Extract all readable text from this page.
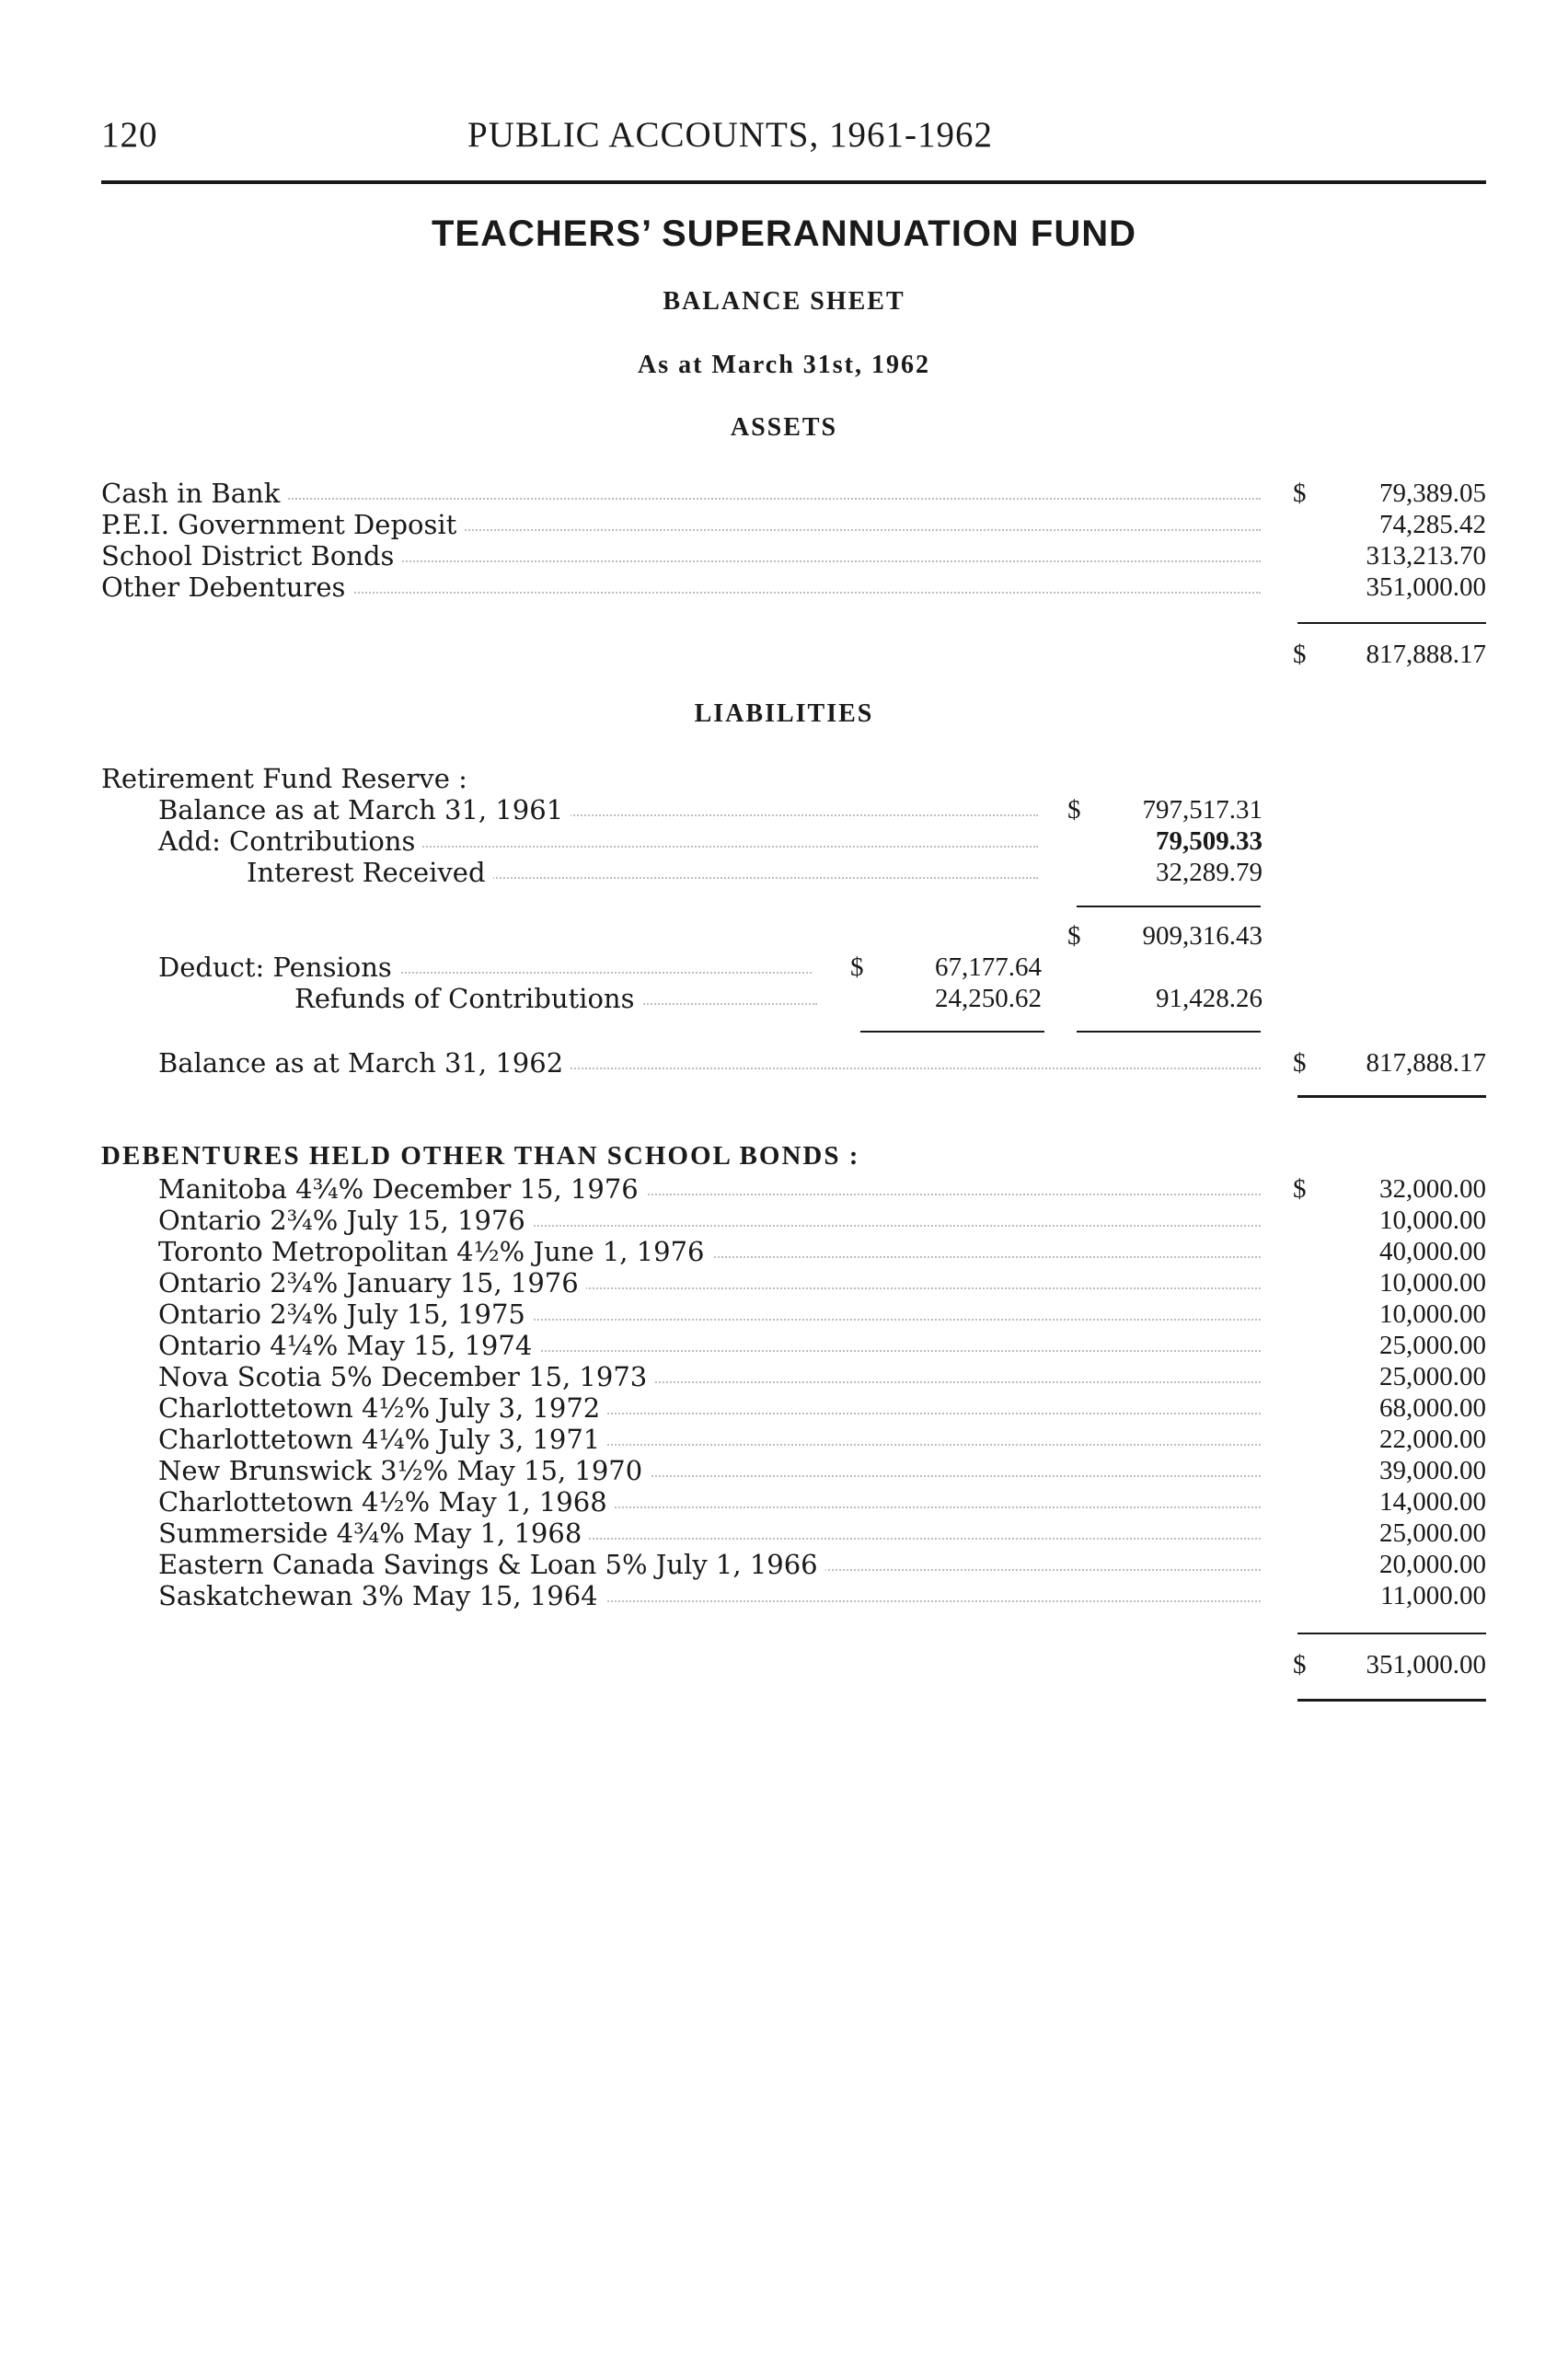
120	PUBLIC ACCOUNTS, 1961-1962
TEACHERS’ SUPERANNUATION FUND
BALANCE SHEET
As at March 31st, 1962
ASSETS
Cash in Bank	$	79,389.05
P.E.I. Government Deposit	74,285.42
School District Bonds	313,213.70
Other Debentures	351,000.00
$	817,888.17
LIABILITIES
Retirement Fund Reserve :
Balance as at March 31, 1961	$	797,517.31
Add: Contributions	79,509.33
Interest Received	32,289.79
$	909,316.43
Deduct: Pensions	$	67,177.64
Refunds of Contributions	24,250.62	91,428.26
Balance as at March 31, 1962	$	817,888.17
DEBENTURES HELD OTHER THAN SCHOOL BONDS :
Manitoba 4¾% December 15, 1976	$	32,000.00
Ontario 2¾% July 15, 1976	10,000.00
Toronto Metropolitan 4½% June 1, 1976	40,000.00
Ontario 2¾% January 15, 1976	10,000.00
Ontario 2¾% July 15, 1975	10,000.00
Ontario 4¼% May 15, 1974	25,000.00
Nova Scotia 5% December 15, 1973	25,000.00
Charlottetown 4½% July 3, 1972	68,000.00
Charlottetown 4¼% July 3, 1971	22,000.00
New Brunswick 3½% May 15, 1970	39,000.00
Charlottetown 4½% May 1, 1968	14,000.00
Summerside 4¾% May 1, 1968	25,000.00
Eastern Canada Savings & Loan 5% July 1, 1966	20,000.00
Saskatchewan 3% May 15, 1964	11,000.00
$	351,000.00
